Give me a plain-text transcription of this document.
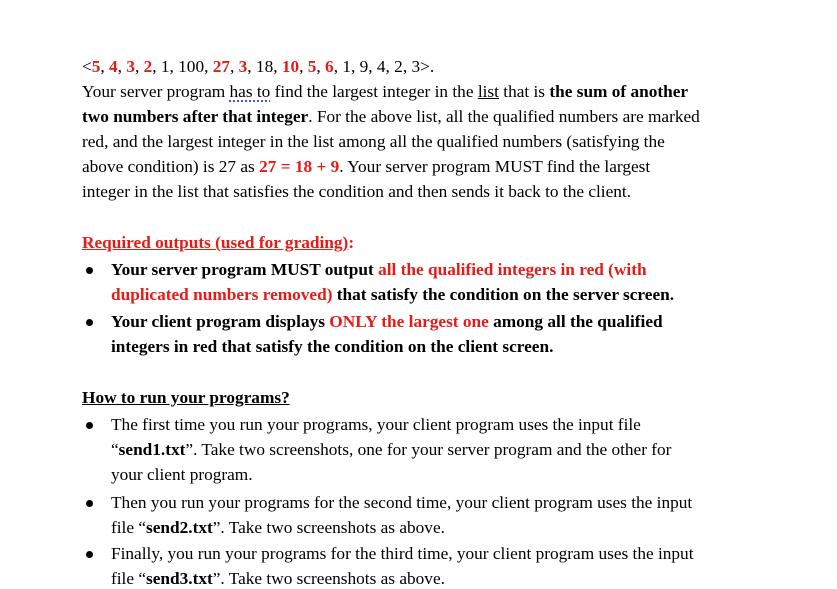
<5, 4, 3, 2, 1, 100, 27, 3, 18, 10, 5, 6, 1, 9, 4, 2, 3>.
Your server program has to find the largest integer in the list that is the sum of another
two numbers after that integer. For the above list, all the qualified numbers are marked
red, and the largest integer in the list among all the qualified numbers (satisfying the
above condition) is 27 as 27 = 18 + 9. Your server program MUST find the largest
integer in the list that satisfies the condition and then sends it back to the client.
Required outputs (used for grading):
Your server program MUST output all the qualified integers in red (with
duplicated numbers removed) that satisfy the condition on the server screen.
Your client program displays ONLY the largest one among all the qualified
integers in red that satisfy the condition on the client screen.
How to run your programs?
The first time you run your programs, your client program uses the input file
“send1.txt”. Take two screenshots, one for your server program and the other for
your client program.
Then you run your programs for the second time, your client program uses the input
file “send2.txt”. Take two screenshots as above.
Finally, you run your programs for the third time, your client program uses the input
file “send3.txt”. Take two screenshots as above.
